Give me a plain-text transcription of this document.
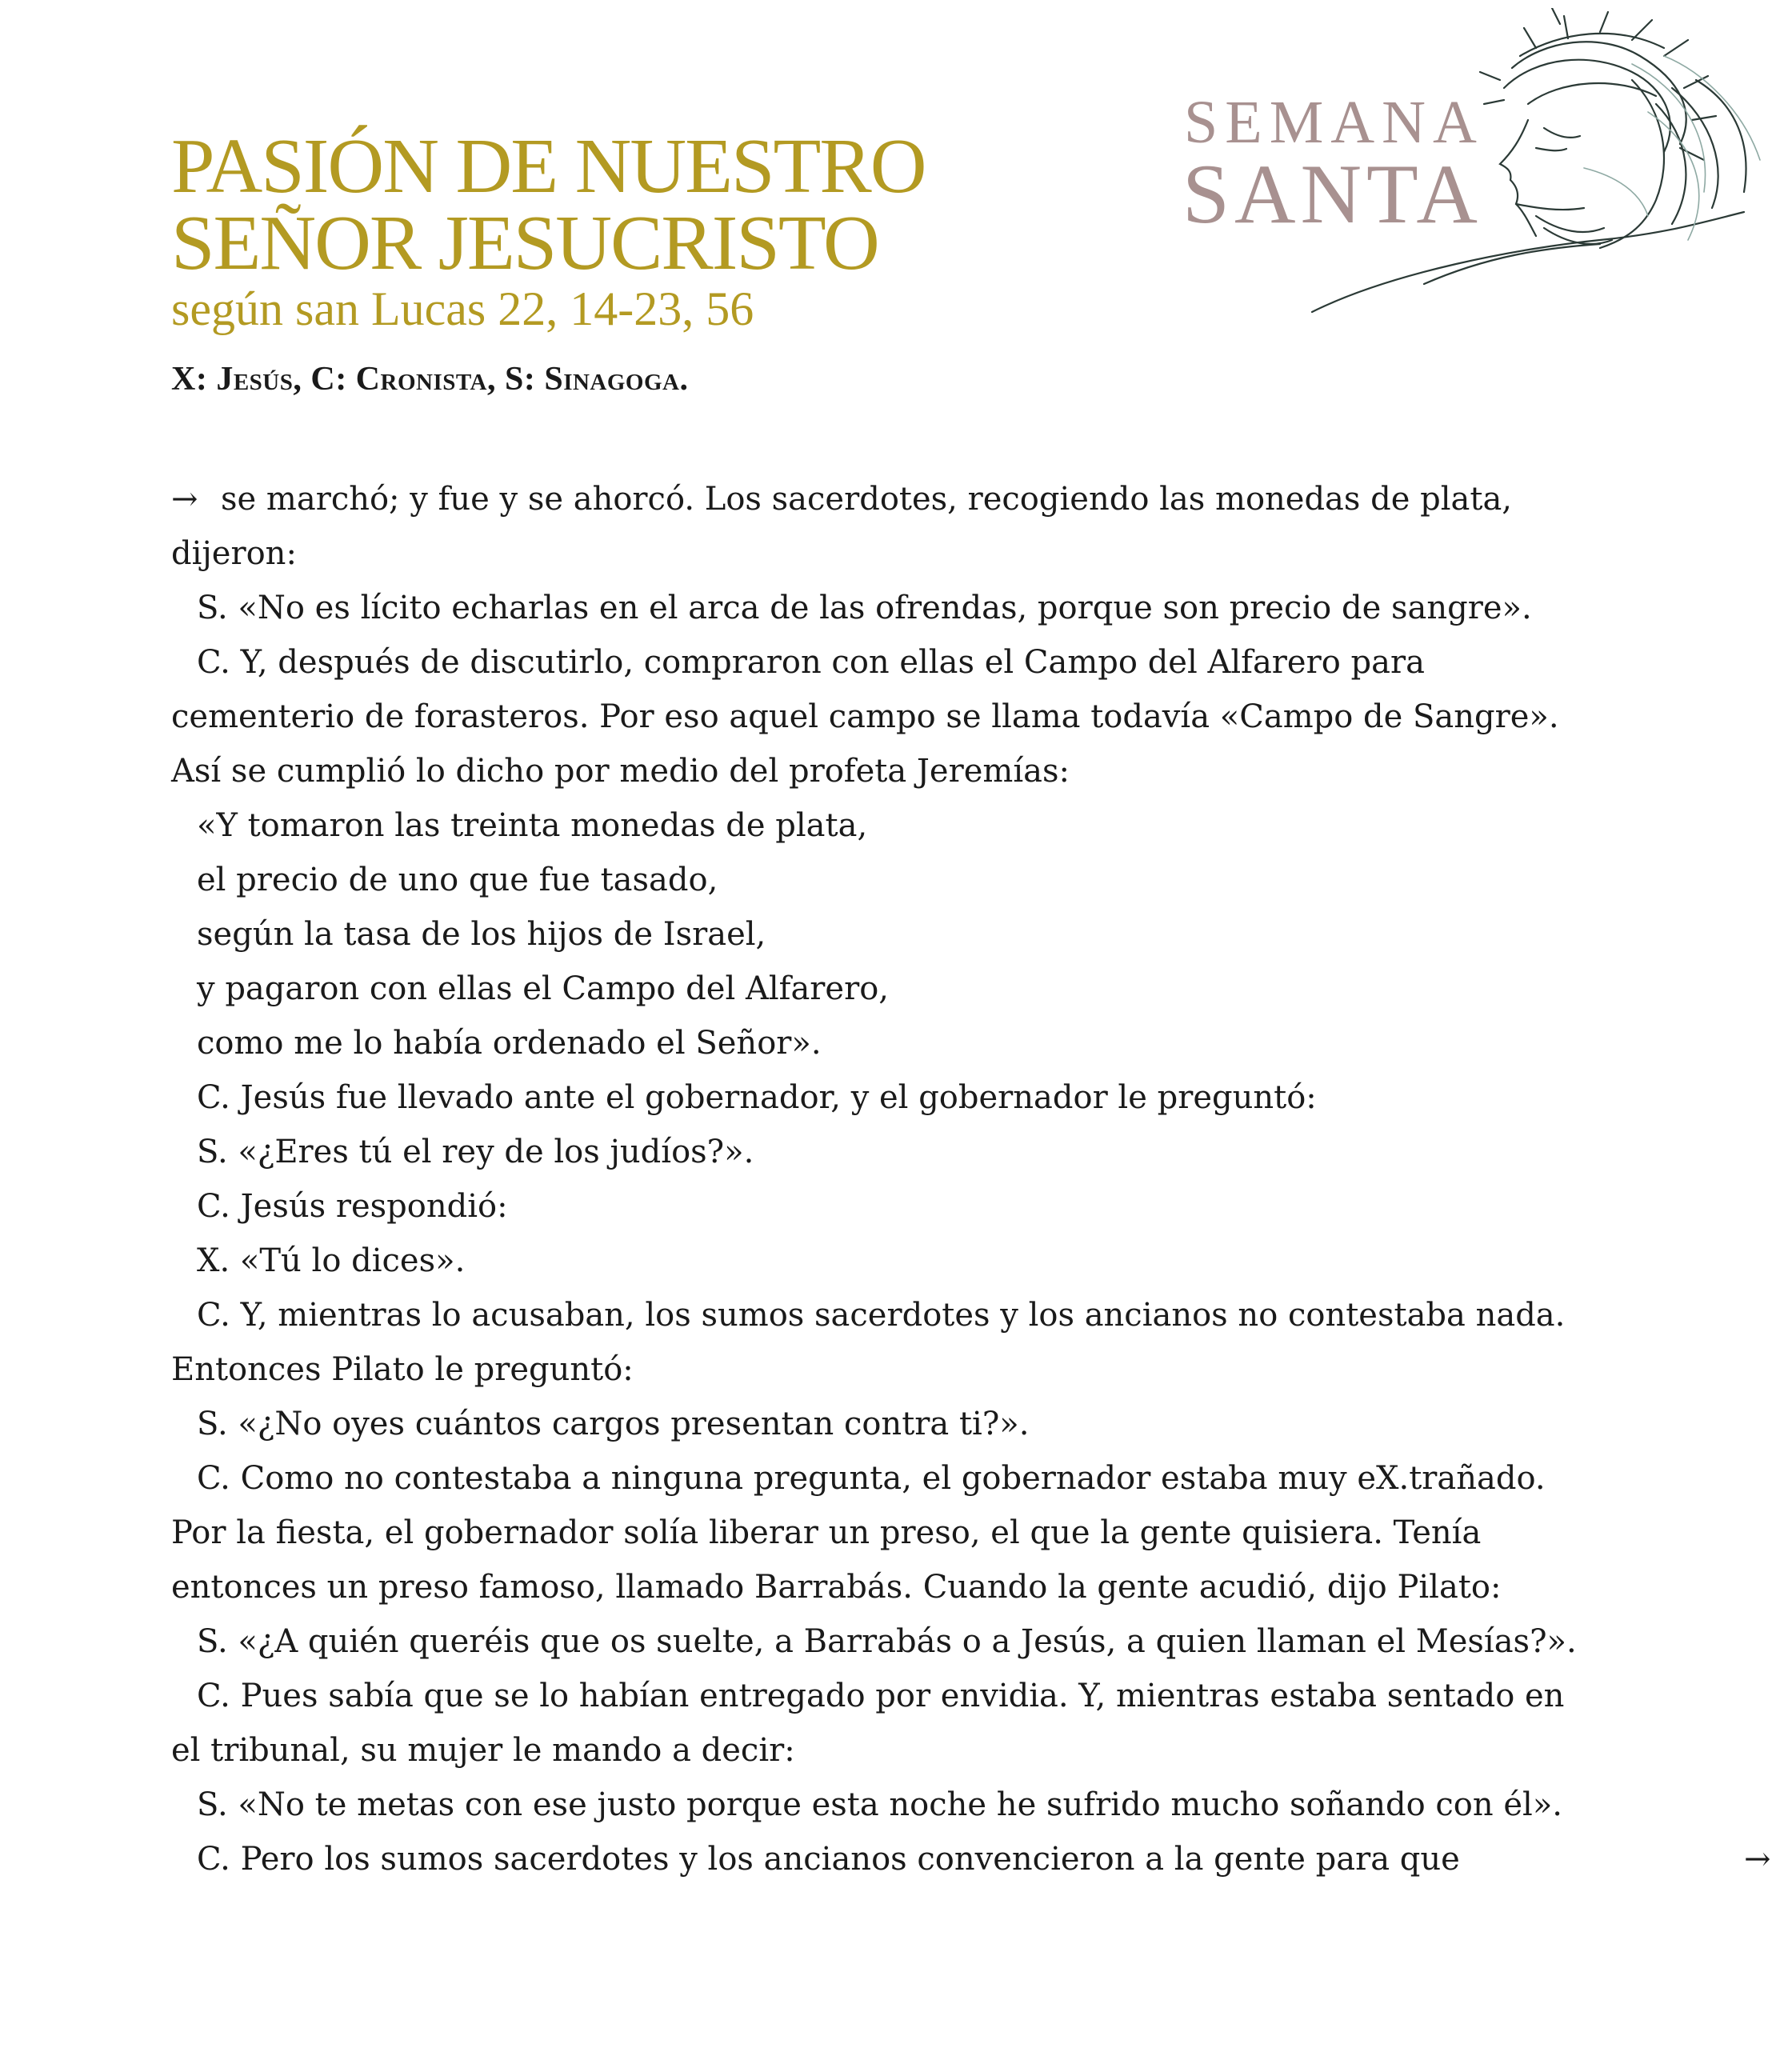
PASIÓN DE NUESTRO
SEÑOR JESUCRISTO
según san Lucas 22, 14-23, 56
SEMANA
SANTA
X: Jesús, C: Cronista, S: Sinagoga.
→ se marchó; y fue y se ahorcó. Los sacerdotes, recogiendo las monedas de plata,
dijeron:
S. «No es lícito echarlas en el arca de las ofrendas, porque son precio de sangre».
C. Y, después de discutirlo, compraron con ellas el Campo del Alfarero para
cementerio de forasteros. Por eso aquel campo se llama todavía «Campo de Sangre».
Así se cumplió lo dicho por medio del profeta Jeremías:
«Y tomaron las treinta monedas de plata,
el precio de uno que fue tasado,
según la tasa de los hijos de Israel,
y pagaron con ellas el Campo del Alfarero,
como me lo había ordenado el Señor».
C. Jesús fue llevado ante el gobernador, y el gobernador le preguntó:
S. «¿Eres tú el rey de los judíos?».
C. Jesús respondió:
X. «Tú lo dices».
C. Y, mientras lo acusaban, los sumos sacerdotes y los ancianos no contestaba nada.
Entonces Pilato le preguntó:
S. «¿No oyes cuántos cargos presentan contra ti?».
C. Como no contestaba a ninguna pregunta, el gobernador estaba muy eX.trañado.
Por la fiesta, el gobernador solía liberar un preso, el que la gente quisiera. Tenía
entonces un preso famoso, llamado Barrabás. Cuando la gente acudió, dijo Pilato:
S. «¿A quién queréis que os suelte, a Barrabás o a Jesús, a quien llaman el Mesías?».
C. Pues sabía que se lo habían entregado por envidia. Y, mientras estaba sentado en
el tribunal, su mujer le mando a decir:
S. «No te metas con ese justo porque esta noche he sufrido mucho soñando con él».
C. Pero los sumos sacerdotes y los ancianos convencieron a la gente para que	→
